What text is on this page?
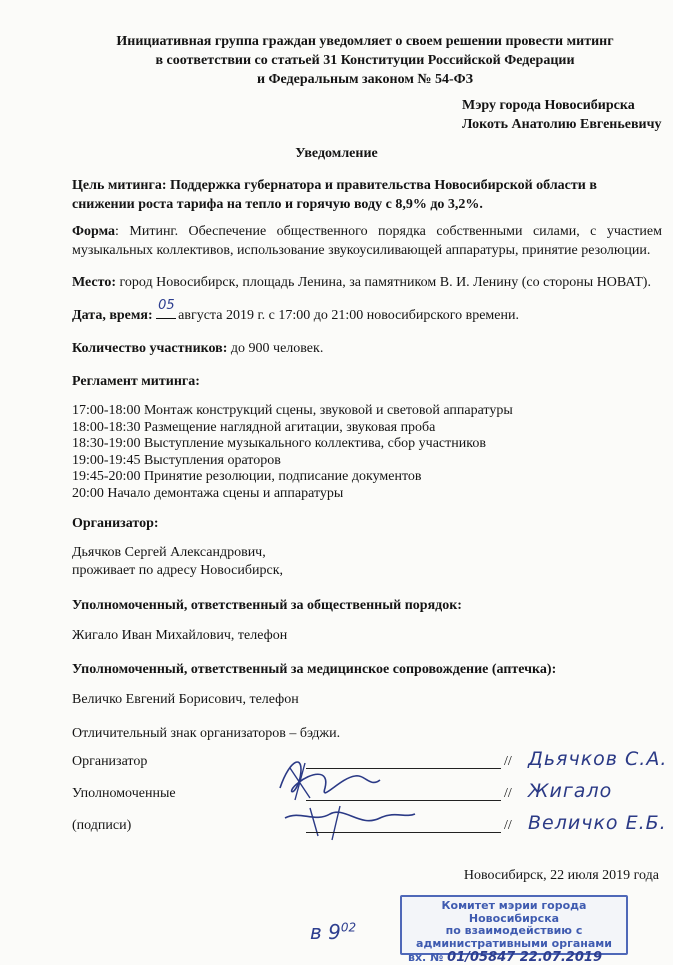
Инициативная группа граждан уведомляет о своем решении провести митинг
в соответствии со статьей 31 Конституции Российской Федерации
и Федеральным законом № 54-ФЗ
Мэру города Новосибирска
Локоть Анатолию Евгеньевичу
Уведомление
Цель митинга: Поддержка губернатора и правительства Новосибирской области в снижении роста тарифа на тепло и горячую воду с 8,9% до 3,2%.
Форма: Митинг. Обеспечение общественного порядка собственными силами, с участием музыкальных коллективов, использование звукоусиливающей аппаратуры, принятие резолюции.
Место: город Новосибирск, площадь Ленина, за памятником В. И. Ленину (со стороны НОВАТ).
Дата, время:
05
августа 2019 г. с 17:00 до 21:00 новосибирского времени.
Количество участников: до 900 человек.
Регламент митинга:
17:00-18:00 Монтаж конструкций сцены, звуковой и световой аппаратуры
18:00-18:30 Размещение наглядной агитации, звуковая проба
18:30-19:00 Выступление музыкального коллектива, сбор участников
19:00-19:45 Выступления ораторов
19:45-20:00 Принятие резолюции, подписание документов
20:00 Начало демонтажа сцены и аппаратуры
Организатор:
Дьячков Сергей Александрович,
проживает по адресу Новосибирск,
Уполномоченный, ответственный за общественный порядок:
Жигало Иван Михайлович, телефон
Уполномоченный, ответственный за медицинское сопровождение (аптечка):
Величко Евгений Борисович, телефон
Отличительный знак организаторов – бэджи.
Организатор	// Дьячков С.А.
Уполномоченные	// Жигало
(подписи)	// Величко Е.Б.
Новосибирск, 22 июля 2019 года
в $9^{02}$
Комитет мэрии города Новосибирска
по взаимодействию с
административными органами
вх. № 01/05847 22.07.2019
